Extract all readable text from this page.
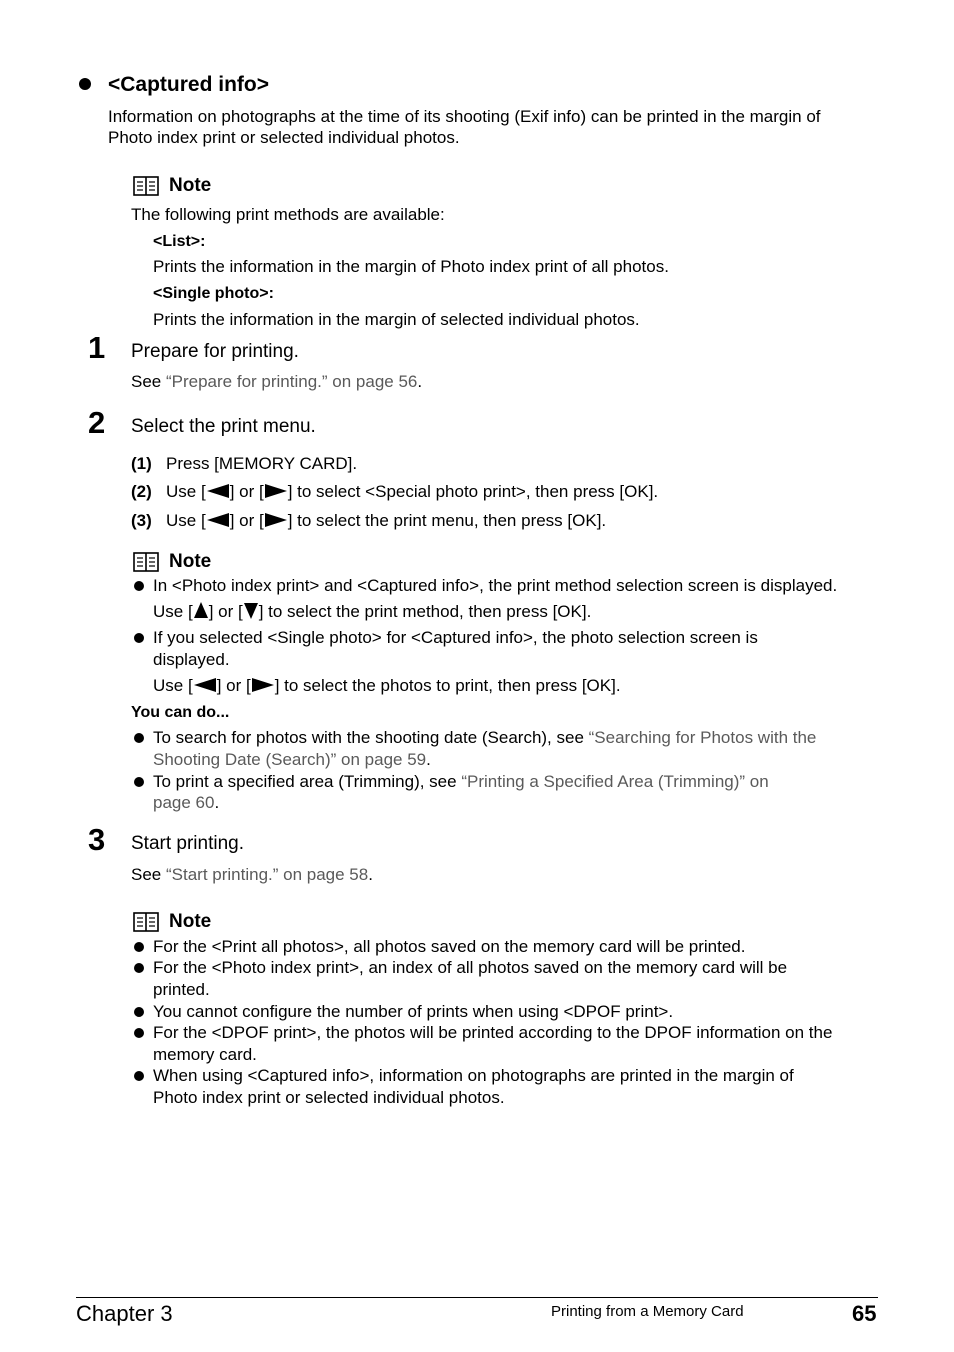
<Captured info>
Information on photographs at the time of its shooting (Exif info) can be printed in the margin of
Photo index print or selected individual photos.
Note
The following print methods are available:
<List>:
Prints the information in the margin of Photo index print of all photos.
<Single photo>:
Prints the information in the margin of selected individual photos.
1 Prepare for printing.
See “Prepare for printing.” on page 56.
2 Select the print menu.
(1) Press [MEMORY CARD].
(2) Use [ ] or [ ] to select <Special photo print>, then press [OK].
(3) Use [ ] or [ ] to select the print menu, then press [OK].
Note
In <Photo index print> and <Captured info>, the print method selection screen is displayed.
Use [ ] or [ ] to select the print method, then press [OK].
If you selected <Single photo> for <Captured info>, the photo selection screen is
displayed.
Use [ ] or [ ] to select the photos to print, then press [OK].
You can do...
To search for photos with the shooting date (Search), see “Searching for Photos with the
Shooting Date (Search)” on page 59.
To print a specified area (Trimming), see “Printing a Specified Area (Trimming)” on
page 60.
3 Start printing.
See “Start printing.” on page 58.
Note
For the <Print all photos>, all photos saved on the memory card will be printed.
For the <Photo index print>, an index of all photos saved on the memory card will be
printed.
You cannot configure the number of prints when using <DPOF print>.
For the <DPOF print>, the photos will be printed according to the DPOF information on the
memory card.
When using <Captured info>, information on photographs are printed in the margin of
Photo index print or selected individual photos.
Chapter 3	Printing from a Memory Card	65
